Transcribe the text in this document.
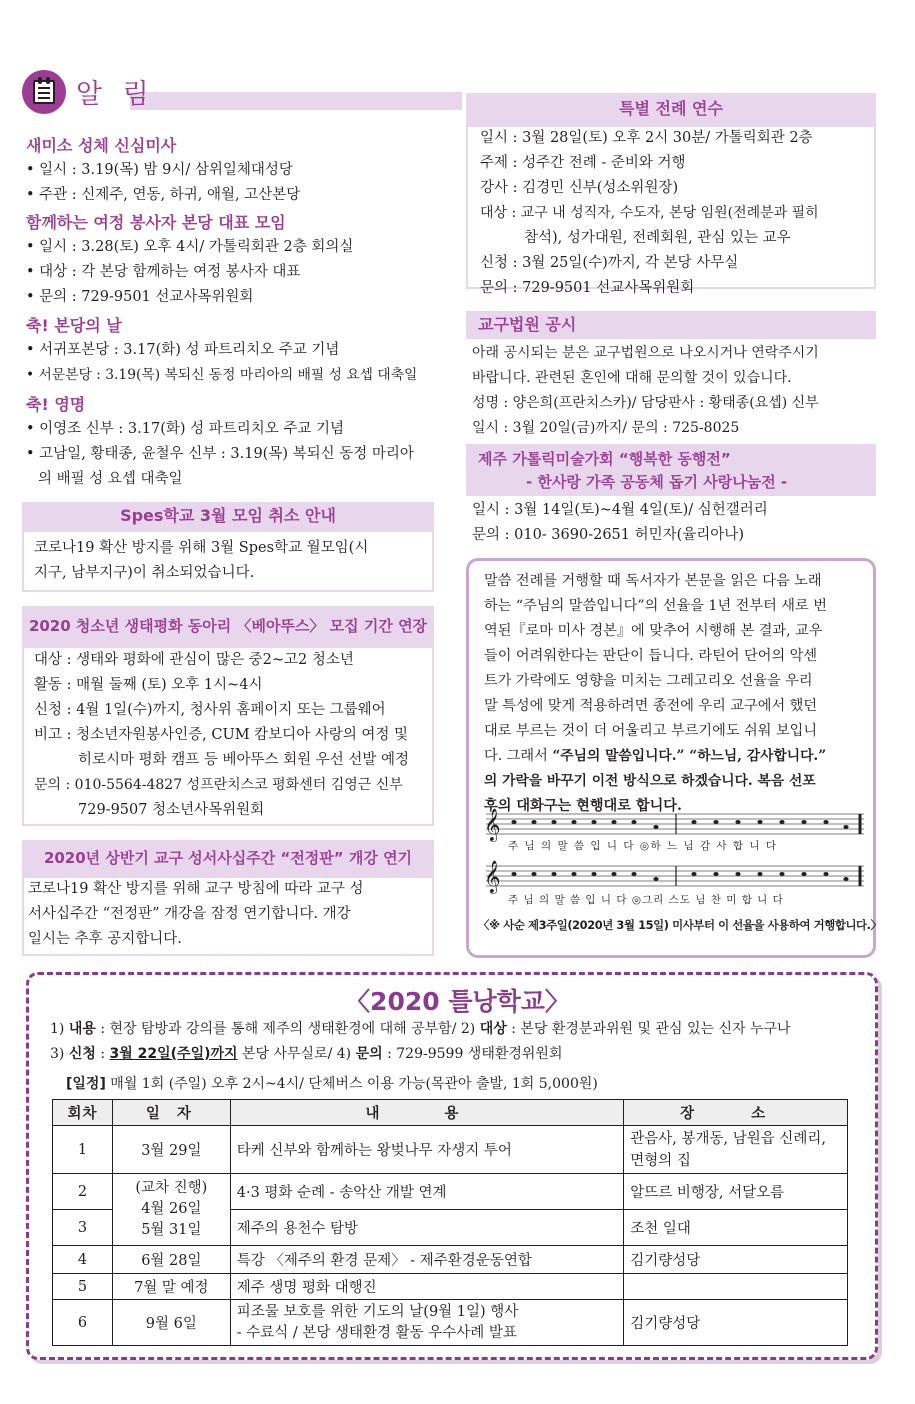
알 림
새미소 성체 신심미사
• 일시 : 3.19(목) 밤 9시/ 삼위일체대성당
• 주관 : 신제주, 연동, 하귀, 애월, 고산본당
함께하는 여정 봉사자 본당 대표 모임
• 일시 : 3.28(토) 오후 4시/ 가톨릭회관 2층 회의실
• 대상 : 각 본당 함께하는 여정 봉사자 대표
• 문의 : 729-9501 선교사목위원회
축! 본당의 날
• 서귀포본당 : 3.17(화) 성 파트리치오 주교 기념
• 서문본당 : 3.19(목) 복되신 동정 마리아의 배필 성 요셉 대축일
축! 영명
• 이영조 신부 : 3.17(화) 성 파트리치오 주교 기념
• 고남일, 황태종, 윤철우 신부 : 3.19(목) 복되신 동정 마리아
의 배필 성 요셉 대축일
Spes학교 3월 모임 취소 안내
코로나19 확산 방지를 위해 3월 Spes학교 월모임(시
지구, 남부지구)이 취소되었습니다.
2020 청소년 생태평화 동아리 〈베아뚜스〉 모집 기간 연장
대상 : 생태와 평화에 관심이 많은 중2~고2 청소년
활동 : 매월 둘째 (토) 오후 1시~4시
신청 : 4월 1일(수)까지, 청사위 홈페이지 또는 그룹웨어
비고 : 청소년자원봉사인증, CUM 캄보디아 사랑의 여정 및
히로시마 평화 캠프 등 베아뚜스 회원 우선 선발 예정
문의 : 010-5564-4827 성프란치스코 평화센터 김영근 신부
729-9507 청소년사목위원회
2020년 상반기 교구 성서사십주간 “전정판” 개강 연기
코로나19 확산 방지를 위해 교구 방침에 따라 교구 성
서사십주간 “전정판” 개강을 잠정 연기합니다. 개강
일시는 추후 공지합니다.
특별 전례 연수
일시 : 3월 28일(토) 오후 2시 30분/ 가톨릭회관 2층
주제 : 성주간 전례 - 준비와 거행
강사 : 김경민 신부(성소위원장)
대상 : 교구 내 성직자, 수도자, 본당 임원(전례분과 필히
참석), 성가대원, 전례회원, 관심 있는 교우
신청 : 3월 25일(수)까지, 각 본당 사무실
문의 : 729-9501 선교사목위원회
교구법원 공시
아래 공시되는 분은 교구법원으로 나오시거나 연락주시기
바랍니다. 관련된 혼인에 대해 문의할 것이 있습니다.
성명 : 양은희(프란치스카)/ 담당판사 : 황태종(요셉) 신부
일시 : 3월 20일(금)까지/ 문의 : 725-8025
제주 가톨릭미술가회 “행복한 동행전”
- 한사랑 가족 공동체 돕기 사랑나눔전 -
일시 : 3월 14일(토)~4월 4일(토)/ 심헌갤러리
문의 : 010- 3690-2651 허민자(율리아나)
말씀 전례를 거행할 때 독서자가 본문을 읽은 다음 노래
하는 “주님의 말씀입니다”의 선율을 1년 전부터 새로 번
역된『로마 미사 경본』에 맞추어 시행해 본 결과, 교우
들이 어려워한다는 판단이 듭니다. 라틴어 단어의 악센
트가 가락에도 영향을 미치는 그레고리오 선율을 우리
말 특성에 맞게 적용하려면 종전에 우리 교구에서 했던
대로 부르는 것이 더 어울리고 부르기에도 쉬워 보입니
다. 그래서 “주님의 말씀입니다.” “하느님, 감사합니다.”
의 가락을 바꾸기 이전 방식으로 하겠습니다. 복음 선포
후의 대화구는 현행대로 합니다.
𝄞
𝄞
주 님 의 말 씀 입 니 다 ◎하 느 님 감 사 합 니 다
주 님 의 말 씀 입 니 다 ◎그리 스도 님 찬 미 합 니 다
〈※ 사순 제3주일(2020년 3월 15일) 미사부터 이 선율을 사용하여 거행합니다.〉
〈2020 틀낭학교〉
1) 내용 : 현장 탐방과 강의를 통해 제주의 생태환경에 대해 공부함/ 2) 대상 : 본당 환경분과위원 및 관심 있는 신자 누구나
3) 신청 : 3월 22일(주일)까지 본당 사무실로/ 4) 문의 : 729-9599 생태환경위원회
[일정] 매월 1회 (주일) 오후 2시~4시/ 단체버스 이용 가능(목관아 출발, 1회 5,000원)
회차	일 자	내 용	장 소
1	3월 29일	타케 신부와 함께하는 왕벚나무 자생지 투어	관음사, 봉개동, 남원읍 신례리,
면형의 집

2	(교차 진행)
4월 26일
5월 31일	4·3 평화 순례 - 송악산 개발 연계	알뜨르 비행장, 서달오름
3		제주의 용천수 탐방	조천 일대
4	6월 28일	특강 〈제주의 환경 문제〉 - 제주환경운동연합	김기량성당
5	7월 말 예정	제주 생명 평화 대행진	
6	9월 6일	피조물 보호를 위한 기도의 날(9월 1일) 행사
- 수료식 / 본당 생태환경 활동 우수사례 발표	김기량성당
